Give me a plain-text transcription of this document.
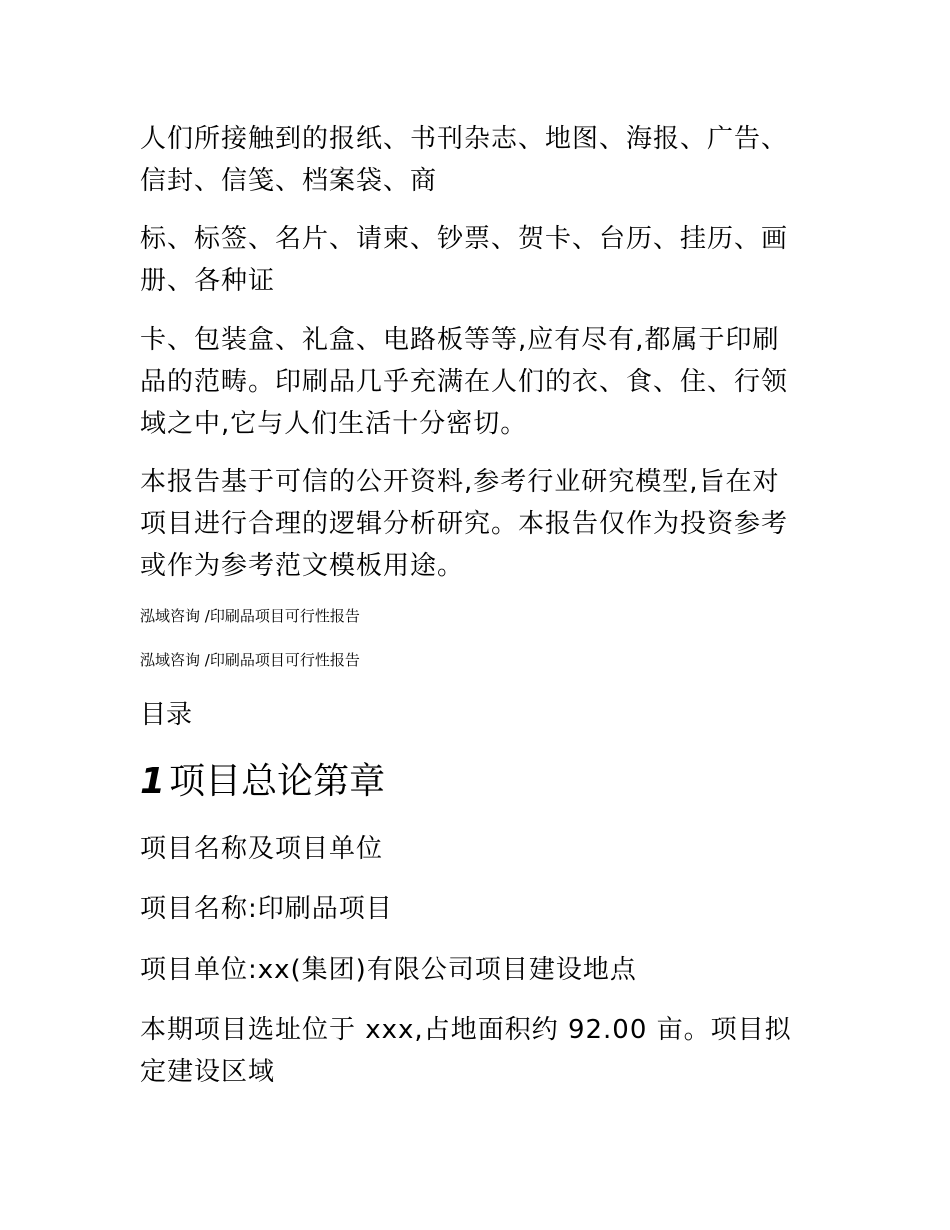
人们所接触到的报纸、书刊杂志、地图、海报、广告、
信封、信笺、档案袋、商

标、标签、名片、请柬、钞票、贺卡、台历、挂历、画
册、各种证

卡、包装盒、礼盒、电路板等等,应有尽有,都属于印刷
品的范畴。印刷品几乎充满在人们的衣、食、住、行领
域之中,它与人们生活十分密切。

本报告基于可信的公开资料,参考行业研究模型,旨在对
项目进行合理的逻辑分析研究。本报告仅作为投资参考
或作为参考范文模板用途。

泓域咨询 /印刷品项目可行性报告

泓域咨询 /印刷品项目可行性报告

目录

1 项目总论第章

项目名称及项目单位

项目名称:印刷品项目

项目单位:xx(集团)有限公司项目建设地点

本期项目选址位于 xxx,占地面积约 92.00 亩。项目拟
定建设区域
